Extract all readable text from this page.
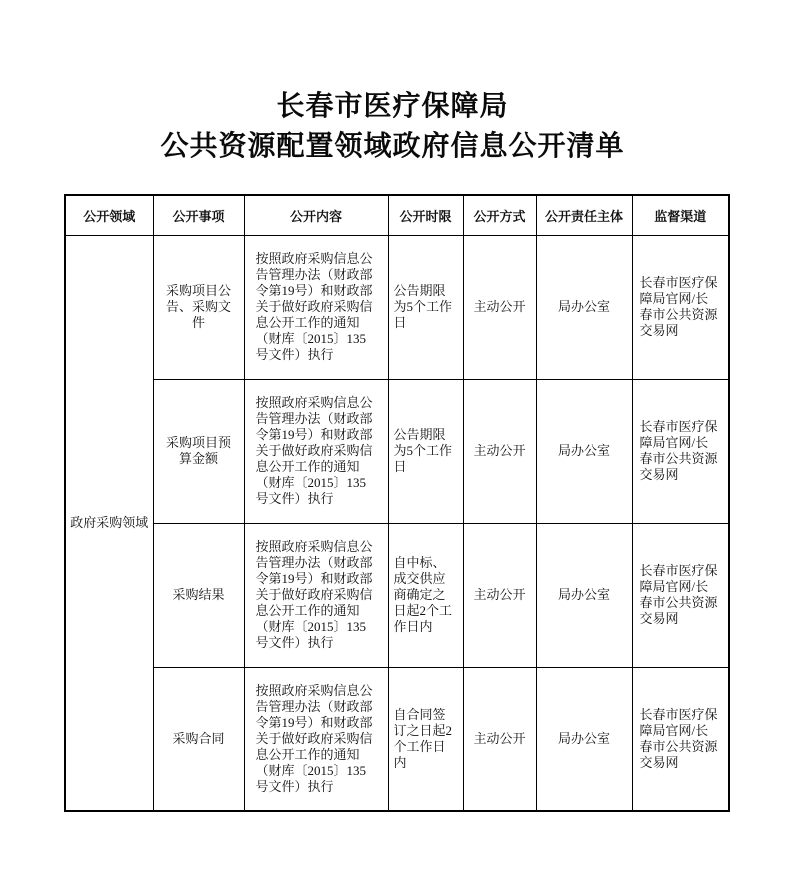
长春市医疗保障局
公共资源配置领域政府信息公开清单
公开领域	公开事项	公开内容	公开时限	公开方式	公开责任主体	监督渠道
政府采购领域	采购项目公告、采购文件	按照政府采购信息公告管理办法（财政部令第19号）和财政部关于做好政府采购信息公开工作的通知（财库〔2015〕135号文件）执行	公告期限为5个工作日	主动公开	局办公室	长春市医疗保障局官网/长春市公共资源交易网
	采购项目预算金额	按照政府采购信息公告管理办法（财政部令第19号）和财政部关于做好政府采购信息公开工作的通知（财库〔2015〕135号文件）执行	公告期限为5个工作日	主动公开	局办公室	长春市医疗保障局官网/长春市公共资源交易网
	采购结果	按照政府采购信息公告管理办法（财政部令第19号）和财政部关于做好政府采购信息公开工作的通知（财库〔2015〕135号文件）执行	自中标、成交供应商确定之日起2个工作日内	主动公开	局办公室	长春市医疗保障局官网/长春市公共资源交易网
	采购合同	按照政府采购信息公告管理办法（财政部令第19号）和财政部关于做好政府采购信息公开工作的通知（财库〔2015〕135号文件）执行	自合同签订之日起2个工作日内	主动公开	局办公室	长春市医疗保障局官网/长春市公共资源交易网
